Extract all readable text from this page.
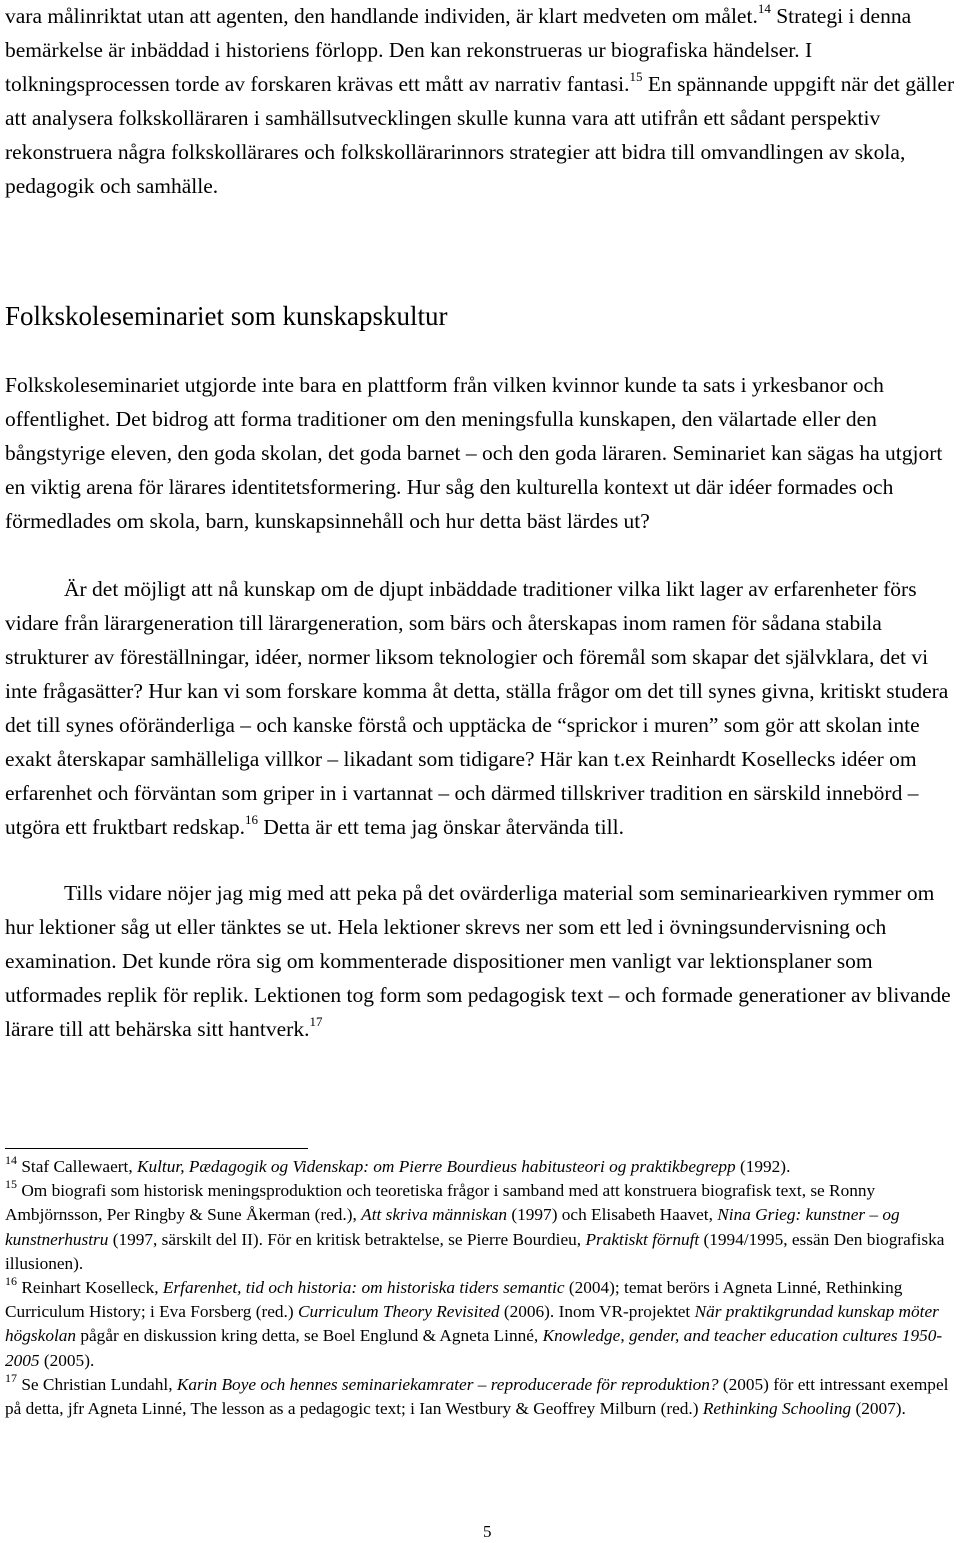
vara målinriktat utan att agenten, den handlande individen, är klart medveten om målet.$^{14}$ Strategi i denna bemärkelse är inbäddad i historiens förlopp. Den kan rekonstrueras ur biografiska händelser. I tolkningsprocessen torde av forskaren krävas ett mått av narrativ fantasi.$^{15}$ En spännande uppgift när det gäller att analysera folkskolläraren i samhällsutvecklingen skulle kunna vara att utifrån ett sådant perspektiv rekonstruera några folkskollärares och folkskollärarinnors strategier att bidra till omvandlingen av skola, pedagogik och samhälle.

Folkskoleseminariet som kunskapskultur

Folkskoleseminariet utgjorde inte bara en plattform från vilken kvinnor kunde ta sats i yrkesbanor och offentlighet. Det bidrog att forma traditioner om den meningsfulla kunskapen, den välartade eller den bångstyrige eleven, den goda skolan, det goda barnet – och den goda läraren. Seminariet kan sägas ha utgjort en viktig arena för lärares identitetsformering. Hur såg den kulturella kontext ut där idéer formades och förmedlades om skola, barn, kunskapsinnehåll och hur detta bäst lärdes ut?

Är det möjligt att nå kunskap om de djupt inbäddade traditioner vilka likt lager av erfarenheter förs vidare från lärargeneration till lärargeneration, som bärs och återskapas inom ramen för sådana stabila strukturer av föreställningar, idéer, normer liksom teknologier och föremål som skapar det självklara, det vi inte frågasätter? Hur kan vi som forskare komma åt detta, ställa frågor om det till synes givna, kritiskt studera det till synes oföränderliga – och kanske förstå och upptäcka de “sprickor i muren” som gör att skolan inte exakt återskapar samhälleliga villkor – likadant som tidigare? Här kan t.ex Reinhardt Kosellecks idéer om erfarenhet och förväntan som griper in i vartannat – och därmed tillskriver tradition en särskild innebörd – utgöra ett fruktbart redskap.$^{16}$ Detta är ett tema jag önskar återvända till.

Tills vidare nöjer jag mig med att peka på det ovärderliga material som seminariearkiven rymmer om hur lektioner såg ut eller tänktes se ut. Hela lektioner skrevs ner som ett led i övningsundervisning och examination. Det kunde röra sig om kommenterade dispositioner men vanligt var lektionsplaner som utformades replik för replik. Lektionen tog form som pedagogisk text – och formade generationer av blivande lärare till att behärska sitt hantverk.$^{17}$

$^{14}$ Staf Callewaert, Kultur, Pædagogik og Videnskap: om Pierre Bourdieus habitusteori og praktikbegrepp (1992).

$^{15}$ Om biografi som historisk meningsproduktion och teoretiska frågor i samband med att konstruera biografisk text, se Ronny Ambjörnsson, Per Ringby & Sune Åkerman (red.), Att skriva människan (1997) och Elisabeth Haavet, Nina Grieg: kunstner – og kunstnerhustru (1997, särskilt del II). För en kritisk betraktelse, se Pierre Bourdieu, Praktiskt förnuft (1994/1995, essän Den biografiska illusionen).

$^{16}$ Reinhart Koselleck, Erfarenhet, tid och historia: om historiska tiders semantic (2004); temat berörs i Agneta Linné, Rethinking Curriculum History; i Eva Forsberg (red.) Curriculum Theory Revisited (2006). Inom VR-projektet När praktikgrundad kunskap möter högskolan pågår en diskussion kring detta, se Boel Englund & Agneta Linné, Knowledge, gender, and teacher education cultures 1950-2005 (2005).

$^{17}$ Se Christian Lundahl, Karin Boye och hennes seminariekamrater – reproducerade för reproduktion? (2005) för ett intressant exempel på detta, jfr Agneta Linné, The lesson as a pedagogic text; i Ian Westbury & Geoffrey Milburn (red.) Rethinking Schooling (2007).

5
